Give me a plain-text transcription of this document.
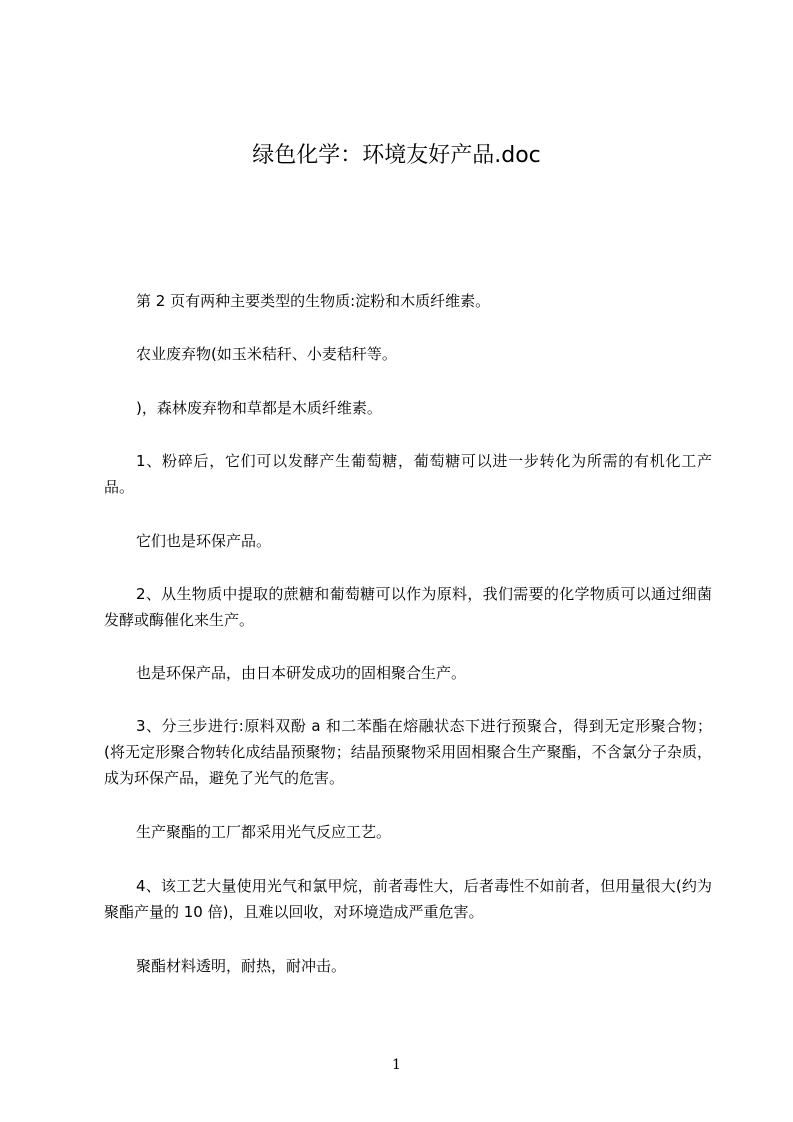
绿色化学：环境友好产品.doc

第 2 页有两种主要类型的生物质:淀粉和木质纤维素。

农业废弃物(如玉米秸秆、小麦秸秆等。

)，森林废弃物和草都是木质纤维素。

1、粉碎后，它们可以发酵产生葡萄糖，葡萄糖可以进一步转化为所需的有机化工产品。

它们也是环保产品。

2、从生物质中提取的蔗糖和葡萄糖可以作为原料，我们需要的化学物质可以通过细菌发酵或酶催化来生产。

也是环保产品，由日本研发成功的固相聚合生产。

3、分三步进行:原料双酚 a 和二苯酯在熔融状态下进行预聚合，得到无定形聚合物；(将无定形聚合物转化成结晶预聚物；结晶预聚物采用固相聚合生产聚酯，不含氯分子杂质，成为环保产品，避免了光气的危害。

生产聚酯的工厂都采用光气反应工艺。

4、该工艺大量使用光气和氯甲烷，前者毒性大，后者毒性不如前者，但用量很大(约为聚酯产量的 10 倍)，且难以回收，对环境造成严重危害。

聚酯材料透明，耐热，耐冲击。

1
